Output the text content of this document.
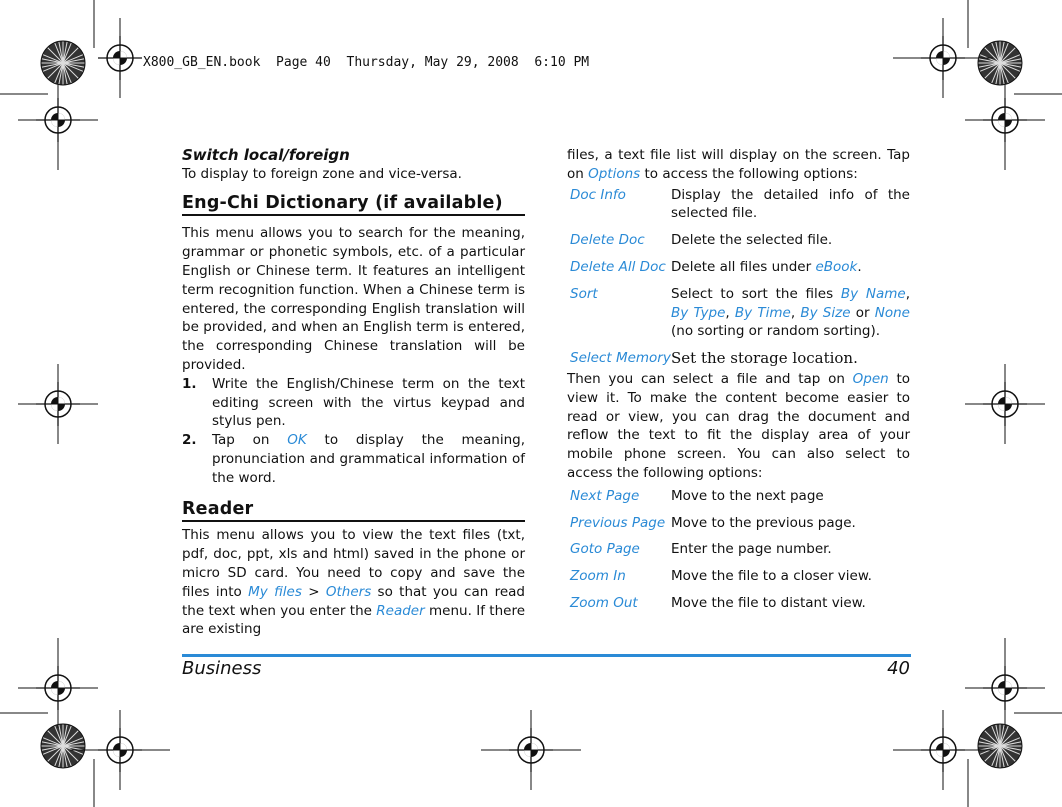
X800_GB_EN.book  Page 40  Thursday, May 29, 2008  6:10 PM

Switch local/foreign

To display to foreign zone and vice-versa.

Eng-Chi Dictionary (if available)

This menu allows you to search for the meaning, grammar or phonetic symbols, etc. of a particular English or Chinese term. It features an intelligent term recognition function. When a Chinese term is entered, the corresponding English translation will be provided, and when an English term is entered, the corresponding Chinese translation will be provided.

1.	Write the English/Chinese term on the text editing screen with the virtus keypad and stylus pen.
2.	Tap on OK to display the meaning, pronunciation and grammatical information of the word.

Reader

This menu allows you to view the text files (txt, pdf, doc, ppt, xls and html) saved in the phone or micro SD card. You need to copy and save the files into My files > Others so that you can read the text when you enter the Reader menu. If there are existing

files, a text file list will display on the screen. Tap on Options to access the following options:

Doc Info	Display the detailed info of the selected file.
Delete Doc	Delete the selected file.
Delete All Doc	Delete all files under eBook.
Sort	Select to sort the files By Name, By Type, By Time, By Size or None (no sorting or random sorting).
Select Memory	Set the storage location.

Then you can select a file and tap on Open to view it. To make the content become easier to read or view, you can drag the document and reflow the text to fit the display area of your mobile phone screen. You can also select to access the following options:

Next Page	Move to the next page
Previous Page	Move to the previous page.
Goto Page	Enter the page number.
Zoom In	Move the file to a closer view.
Zoom Out	Move the file to distant view.
Business	40
